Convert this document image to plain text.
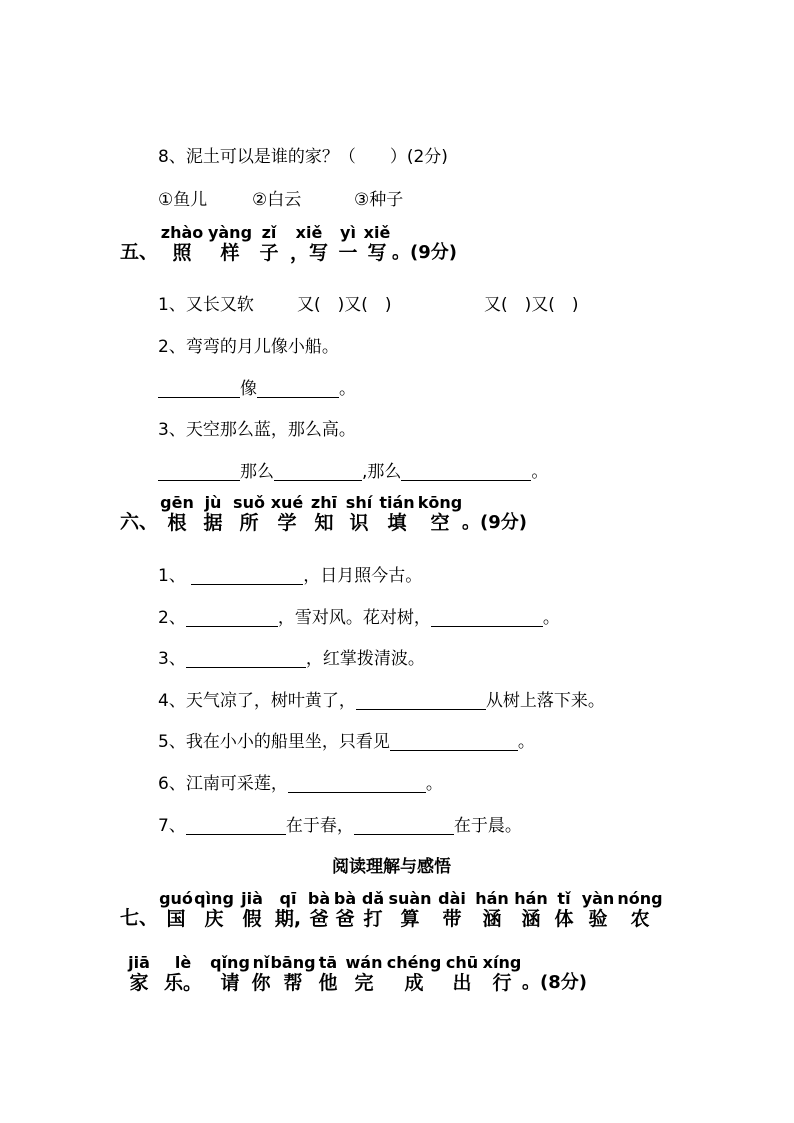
8、泥土可以是谁的家？（　　）(2分)
①鱼儿	②白云	③种子
五、
zhào
照
yàng
样
zǐ
子
xiě
，写
yì
一
xiě
写 。(9分)
1、又长又软	又(　)又(　)	又(　)又(　)
2、弯弯的月儿像小船。
像	。
3、天空那么蓝，那么高。
那么	,那么	。
六、
gēn
根
jù
据
suǒ
所
xué
学
zhī
知
shí
识
tián
填
kōng
空 。(9分)
1、	，日月照今古。
2、	，雪对风。花对树，	。
3、	，红掌拨清波。
4、天气凉了，树叶黄了，	从树上落下来。
5、我在小小的船里坐，只看见	。
6、江南可采莲，	。
7、	在于春，	在于晨。
阅读理解与感悟
七、
guó
国
qìng
庆
jià
假
qī
期,
bà
爸
bà
爸
dǎ
打
suàn
算
dài
带
hán
涵
hán
涵
tǐ
体
yàn
验
nóng
农
jiā
家
lè
乐。
qǐng
请
nǐ
你
bāng
帮
tā
他
wán
完
chéng
成
chū
出
xíng
行 。(8分)
